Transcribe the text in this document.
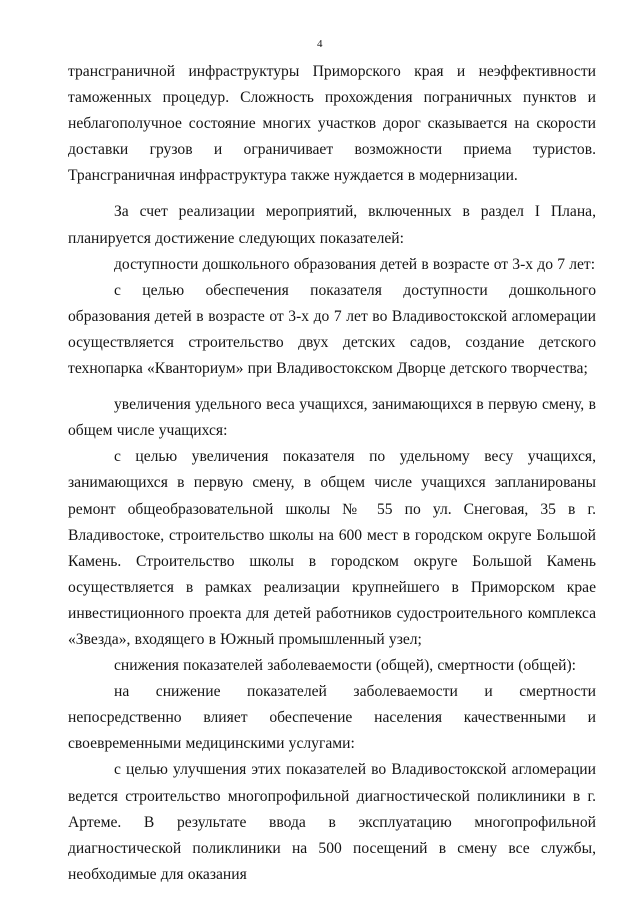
4

трансграничной инфраструктуры Приморского края и неэффективности таможенных процедур. Сложность прохождения пограничных пунктов и неблагополучное состояние многих участков дорог сказывается на скорости доставки грузов и ограничивает возможности приема туристов. Трансграничная инфраструктура также нуждается в модернизации.

За счет реализации мероприятий, включенных в раздел I Плана, планируется достижение следующих показателей:

доступности дошкольного образования детей в возрасте от 3-х до 7 лет:

с целью обеспечения показателя доступности дошкольного образования детей в возрасте от 3-х до 7 лет во Владивостокской агломерации осуществляется строительство двух детских садов, создание детского технопарка «Кванториум» при Владивостокском Дворце детского творчества;

увеличения удельного веса учащихся, занимающихся в первую смену, в общем числе учащихся:

с целью увеличения показателя по удельному весу учащихся, занимающихся в первую смену, в общем числе учащихся запланированы ремонт общеобразовательной школы № 55 по ул. Снеговая, 35 в г. Владивостоке, строительство школы на 600 мест в городском округе Большой Камень. Строительство школы в городском округе Большой Камень осуществляется в рамках реализации крупнейшего в Приморском крае инвестиционного проекта для детей работников судостроительного комплекса «Звезда», входящего в Южный промышленный узел;

снижения показателей заболеваемости (общей), смертности (общей):

на снижение показателей заболеваемости и смертности непосредственно влияет обеспечение населения качественными и своевременными медицинскими услугами:

с целью улучшения этих показателей во Владивостокской агломерации ведется строительство многопрофильной диагностической поликлиники в г. Артеме. В результате ввода в эксплуатацию многопрофильной диагностической поликлиники на 500 посещений в смену все службы, необходимые для оказания
